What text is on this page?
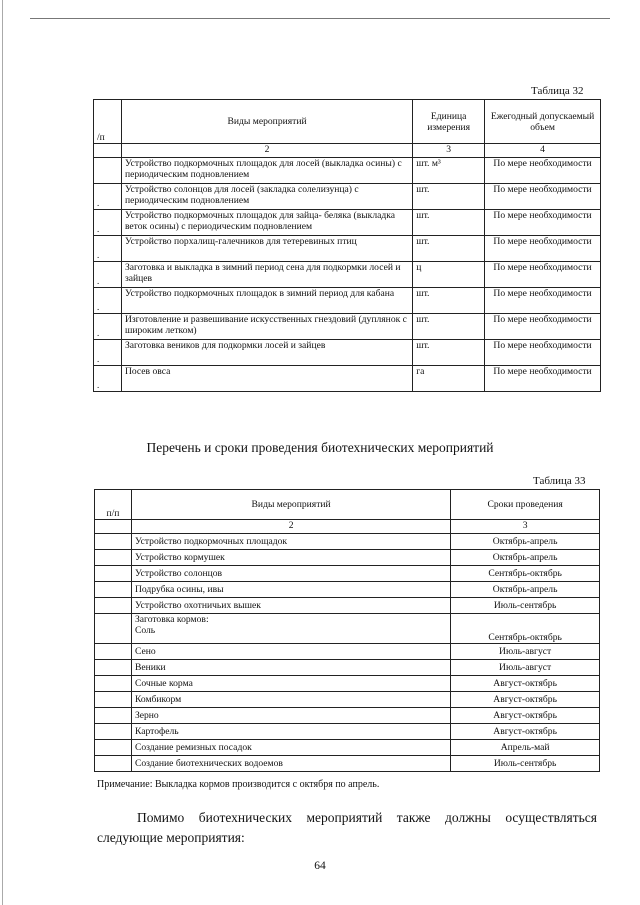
Таблица 32
/п	Виды мероприятий	Единица измерения	Ежегодный допускаемый объем
	2	3	4
	Устройство подкормочных площадок для лосей (выкладка осины) с периодическим подновлением	шт. м³	По мере необходимости
.	Устройство солонцов для лосей (закладка солелизунца) с периодическим подновлением	шт.	По мере необходимости
.	Устройство подкормочных площадок для зайца- беляка (выкладка веток осины) с периодическим подновлением	шт.	По мере необходимости
.	Устройство порхалищ-галечников для тетеревиных птиц	шт.	По мере необходимости
.	Заготовка и выкладка в зимний период сена для подкормки лосей и зайцев	ц	По мере необходимости
.	Устройство подкормочных площадок в зимний период для кабана	шт.	По мере необходимости
.	Изготовление и развешивание искусственных гнездовий (дуплянок с широким летком)	шт.	По мере необходимости
.	Заготовка веников для подкормки лосей и зайцев	шт.	По мере необходимости
.	Посев овса	га	По мере необходимости
Перечень и сроки проведения биотехнических мероприятий
Таблица 33
п/п	Виды мероприятий	Сроки проведения
	2	3
	Устройство подкормочных площадок	Октябрь-апрель
	Устройство кормушек	Октябрь-апрель
	Устройство солонцов	Сентябрь-октябрь
	Подрубка осины, ивы	Октябрь-апрель
	Устройство охотничьих вышек	Июль-сентябрь

	Заготовка кормов:
Соль	Сентябрь-октябрь
	Сено	Июль-август
	Веники	Июль-август
	Сочные корма	Август-октябрь
	Комбикорм	Август-октябрь
	Зерно	Август-октябрь
	Картофель	Август-октябрь
	Создание ремизных посадок	Апрель-май
	Создание биотехнических водоемов	Июль-сентябрь
Примечание: Выкладка кормов производится с октября по апрель.
Помимо биотехнических мероприятий также должны осуществляться следующие мероприятия:
64
